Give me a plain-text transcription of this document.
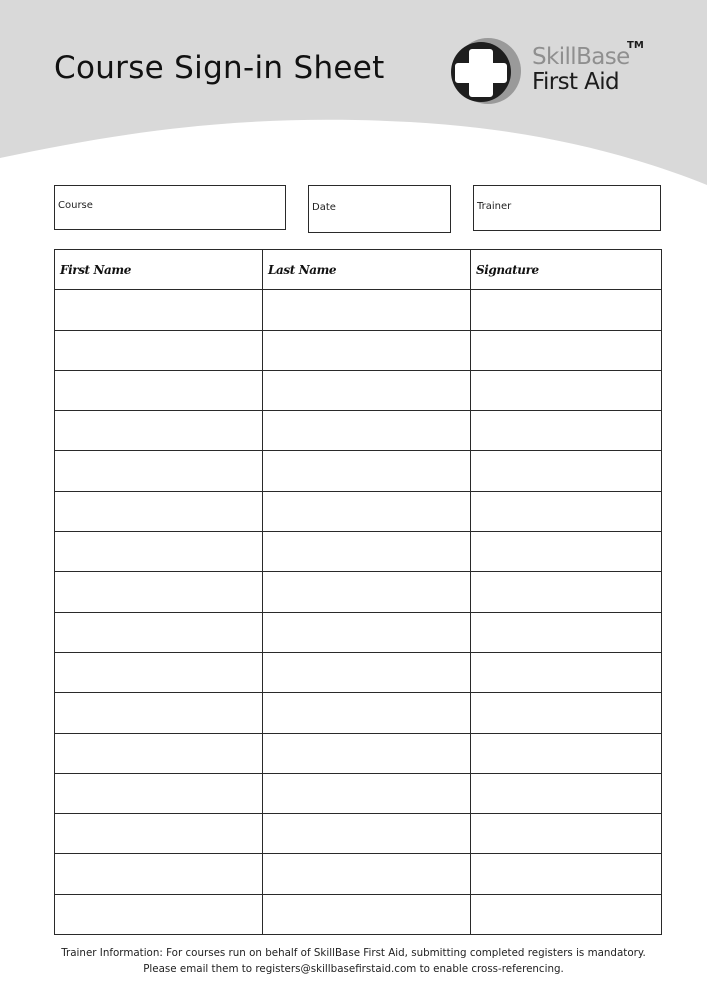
Course Sign-in Sheet	SkillBase
TM
First Aid
Course	Date	Trainer
First Name	Last Name	Signature

Trainer Information: For courses run on behalf of SkillBase First Aid, submitting completed registers is mandatory.
Please email them to registers@skillbasefirstaid.com to enable cross-referencing.
